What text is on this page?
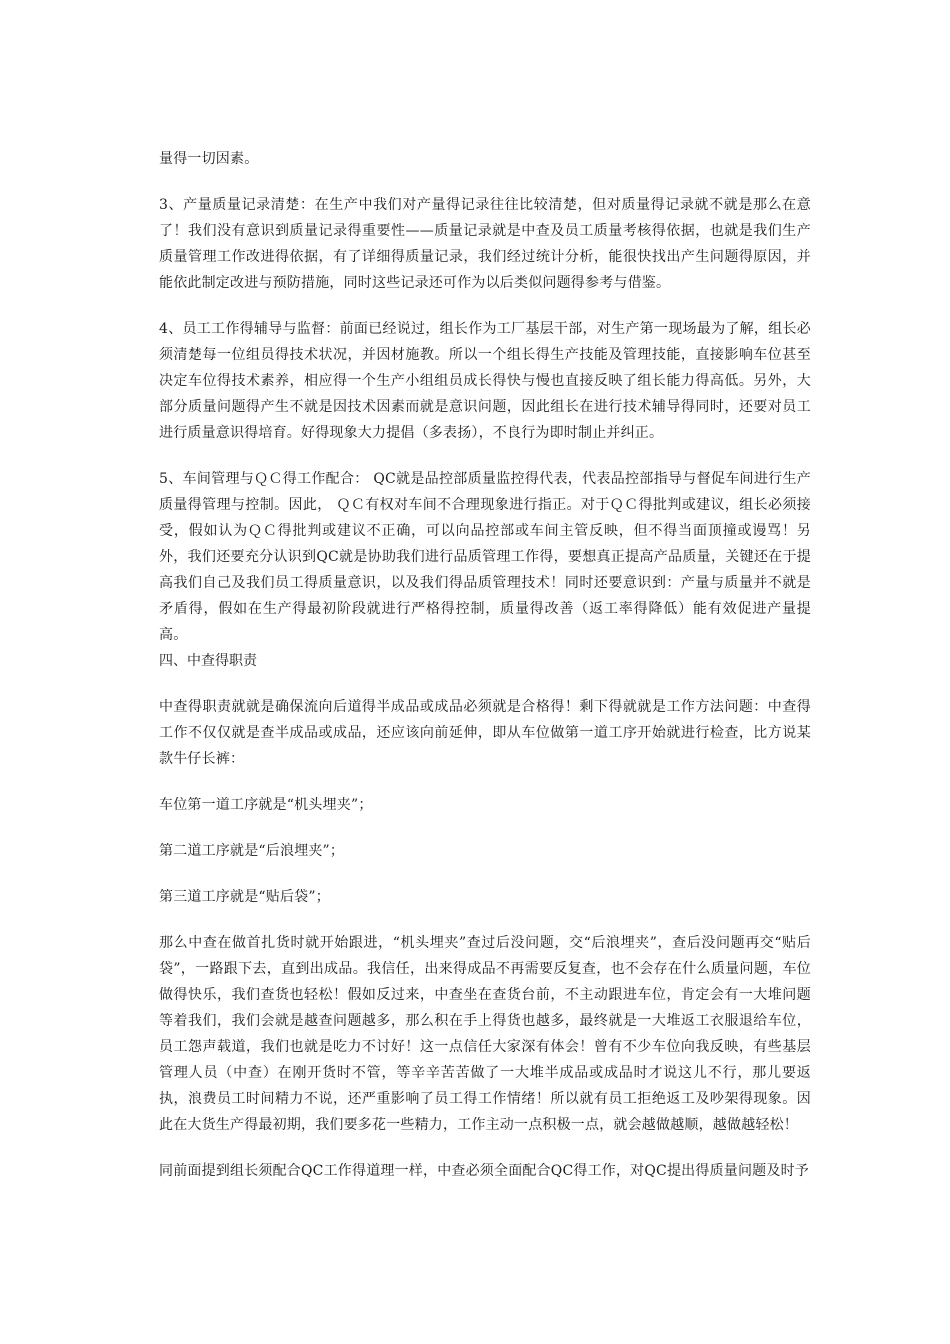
量得一切因素。

3、产量质量记录清楚：在生产中我们对产量得记录往往比较清楚，但对质量得记录就不就是那么在意了！我们没有意识到质量记录得重要性——质量记录就是中查及员工质量考核得依据，也就是我们生产质量管理工作改进得依据，有了详细得质量记录，我们经过统计分析，能很快找出产生问题得原因，并能依此制定改进与预防措施，同时这些记录还可作为以后类似问题得参考与借鉴。

4、员工工作得辅导与监督：前面已经说过，组长作为工厂基层干部，对生产第一现场最为了解，组长必须清楚每一位组员得技术状况，并因材施教。所以一个组长得生产技能及管理技能，直接影响车位甚至决定车位得技术素养，相应得一个生产小组组员成长得快与慢也直接反映了组长能力得高低。另外，大部分质量问题得产生不就是因技术因素而就是意识问题，因此组长在进行技术辅导得同时，还要对员工进行质量意识得培育。好得现象大力提倡（多表扬），不良行为即时制止并纠正。

5、车间管理与ＱＣ得工作配合： QC就是品控部质量监控得代表，代表品控部指导与督促车间进行生产质量得管理与控制。因此， ＱＣ有权对车间不合理现象进行指正。对于ＱＣ得批判或建议，组长必须接受，假如认为ＱＣ得批判或建议不正确，可以向品控部或车间主管反映，但不得当面顶撞或谩骂！另外，我们还要充分认识到QC就是协助我们进行品质管理工作得，要想真正提高产品质量，关键还在于提高我们自己及我们员工得质量意识，以及我们得品质管理技术！同时还要意识到：产量与质量并不就是矛盾得，假如在生产得最初阶段就进行严格得控制，质量得改善（返工率得降低）能有效促进产量提高。

四、中查得职责

中查得职责就就是确保流向后道得半成品或成品必须就是合格得！剩下得就就是工作方法问题：中查得工作不仅仅就是查半成品或成品，还应该向前延伸，即从车位做第一道工序开始就进行检查，比方说某款牛仔长裤：

车位第一道工序就是“机头埋夹”；

第二道工序就是“后浪埋夹”；

第三道工序就是“贴后袋”；

那么中查在做首扎货时就开始跟进，“机头埋夹”查过后没问题，交“后浪埋夹”，查后没问题再交“贴后袋”，一路跟下去，直到出成品。我信任，出来得成品不再需要反复查，也不会存在什么质量问题，车位做得快乐，我们查货也轻松！假如反过来，中查坐在查货台前，不主动跟进车位，肯定会有一大堆问题等着我们，我们会就是越查问题越多，那么积在手上得货也越多，最终就是一大堆返工衣服退给车位，员工怨声载道，我们也就是吃力不讨好！这一点信任大家深有体会！曾有不少车位向我反映，有些基层管理人员（中查）在刚开货时不管，等辛辛苦苦做了一大堆半成品或成品时才说这儿不行，那儿要返执，浪费员工时间精力不说，还严重影响了员工得工作情绪！所以就有员工拒绝返工及吵架得现象。因此在大货生产得最初期，我们要多花一些精力，工作主动一点积极一点，就会越做越顺，越做越轻松！

同前面提到组长须配合QC工作得道理一样，中查必须全面配合QC得工作，对QC提出得质量问题及时予
